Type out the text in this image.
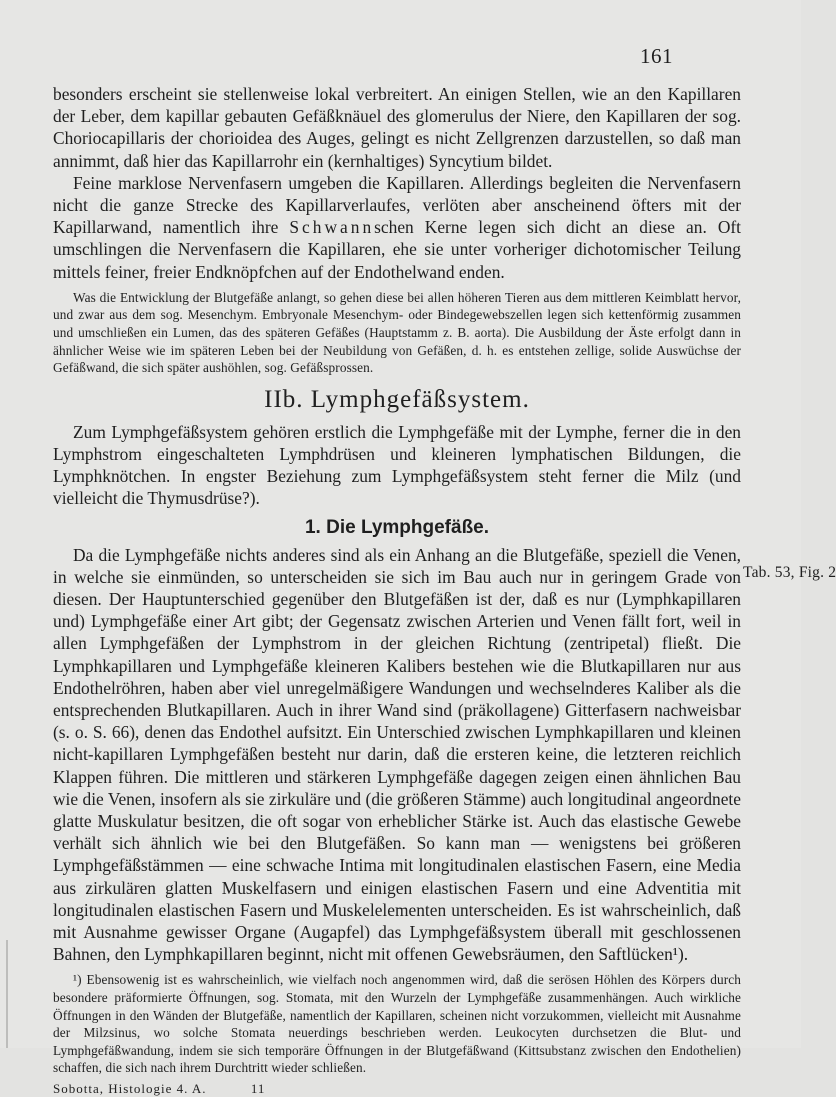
161
Tab. 53, Fig. 2

besonders erscheint sie stellenweise lokal verbreitert. An einigen Stellen, wie an den Kapillaren der Leber, dem kapillar gebauten Gefäßknäuel des glomerulus der Niere, den Kapillaren der sog. Choriocapillaris der chorioidea des Auges, gelingt es nicht Zellgrenzen darzustellen, so daß man annimmt, daß hier das Kapillarrohr ein (kernhaltiges) Syncytium bildet.

Feine marklose Nervenfasern umgeben die Kapillaren. Allerdings begleiten die Nervenfasern nicht die ganze Strecke des Kapillarverlaufes, verlöten aber anscheinend öfters mit der Kapillarwand, namentlich ihre Schwannschen Kerne legen sich dicht an diese an. Oft umschlingen die Nervenfasern die Kapillaren, ehe sie unter vorheriger dichotomischer Teilung mittels feiner, freier Endknöpfchen auf der Endothelwand enden.

Was die Entwicklung der Blutgefäße anlangt, so gehen diese bei allen höheren Tieren aus dem mittleren Keimblatt hervor, und zwar aus dem sog. Mesenchym. Embryonale Mesenchym- oder Bindegewebszellen legen sich kettenförmig zusammen und umschließen ein Lumen, das des späteren Gefäßes (Hauptstamm z. B. aorta). Die Ausbildung der Äste erfolgt dann in ähnlicher Weise wie im späteren Leben bei der Neubildung von Gefäßen, d. h. es entstehen zellige, solide Auswüchse der Gefäßwand, die sich später aushöhlen, sog. Gefäßsprossen.

IIb. Lymphgefäßsystem.

Zum Lymphgefäßsystem gehören erstlich die Lymphgefäße mit der Lymphe, ferner die in den Lymphstrom eingeschalteten Lymphdrüsen und kleineren lymphatischen Bildungen, die Lymphknötchen. In engster Beziehung zum Lymphgefäßsystem steht ferner die Milz (und vielleicht die Thymusdrüse?).

1. Die Lymphgefäße.

Da die Lymphgefäße nichts anderes sind als ein Anhang an die Blutgefäße, speziell die Venen, in welche sie einmünden, so unterscheiden sie sich im Bau auch nur in geringem Grade von diesen. Der Hauptunterschied gegenüber den Blutgefäßen ist der, daß es nur (Lymphkapillaren und) Lymphgefäße einer Art gibt; der Gegensatz zwischen Arterien und Venen fällt fort, weil in allen Lymphgefäßen der Lymphstrom in der gleichen Richtung (zentripetal) fließt. Die Lymphkapillaren und Lymphgefäße kleineren Kalibers bestehen wie die Blutkapillaren nur aus Endothelröhren, haben aber viel unregelmäßigere Wandungen und wechselnderes Kaliber als die entsprechenden Blutkapillaren. Auch in ihrer Wand sind (präkollagene) Gitterfasern nachweisbar (s. o. S. 66), denen das Endothel aufsitzt. Ein Unterschied zwischen Lymphkapillaren und kleinen nicht-kapillaren Lymphgefäßen besteht nur darin, daß die ersteren keine, die letzteren reichlich Klappen führen. Die mittleren und stärkeren Lymphgefäße dagegen zeigen einen ähnlichen Bau wie die Venen, insofern als sie zirkuläre und (die größeren Stämme) auch longitudinal angeordnete glatte Muskulatur besitzen, die oft sogar von erheblicher Stärke ist. Auch das elastische Gewebe verhält sich ähnlich wie bei den Blutgefäßen. So kann man — wenigstens bei größeren Lymphgefäßstämmen — eine schwache Intima mit longitudinalen elastischen Fasern, eine Media aus zirkulären glatten Muskelfasern und einigen elastischen Fasern und eine Adventitia mit longitudinalen elastischen Fasern und Muskelelementen unterscheiden. Es ist wahrscheinlich, daß mit Ausnahme gewisser Organe (Augapfel) das Lymphgefäßsystem überall mit geschlossenen Bahnen, den Lymphkapillaren beginnt, nicht mit offenen Gewebsräumen, den Saftlücken¹).

¹) Ebensowenig ist es wahrscheinlich, wie vielfach noch angenommen wird, daß die serösen Höhlen des Körpers durch besondere präformierte Öffnungen, sog. Stomata, mit den Wurzeln der Lymphgefäße zusammenhängen. Auch wirkliche Öffnungen in den Wänden der Blutgefäße, namentlich der Kapillaren, scheinen nicht vorzukommen, vielleicht mit Ausnahme der Milzsinus, wo solche Stomata neuerdings beschrieben werden. Leukocyten durchsetzen die Blut- und Lymphgefäßwandung, indem sie sich temporäre Öffnungen in der Blutgefäßwand (Kittsubstanz zwischen den Endothelien) schaffen, die sich nach ihrem Durchtritt wieder schließen.

Sobotta, Histologie 4. A.	11
